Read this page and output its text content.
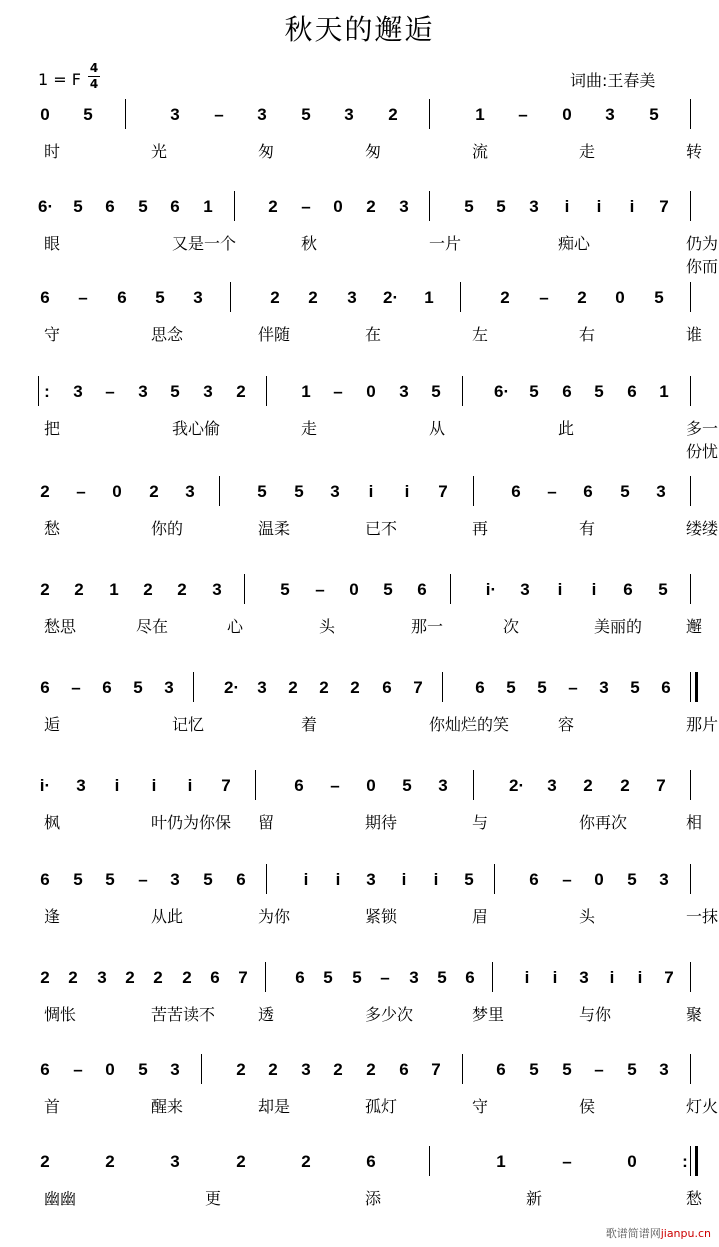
秋天的邂逅
1 = F
4
4	词曲:王春美
0 5	3 – 3 5 3 2	1 – 0 3 5
时	光	匆	匆	流	走	转
6· 5 6 5 6 1	2 – 0 2 3	5 5 3 i i i 7
眼	又是一个	秋	一片	痴心	仍为你而
6 – 6 5 3	2 2 3 2· 1	2 – 2 0 5
守	思念	伴随	在	左	右	谁
: 3 – 3 5 3 2	1 – 0 3 5	6· 5 6 5 6 1
把	我心偷	走	从	此	多一份忧
2 – 0 2 3	5 5 3 i i 7	6 – 6 5 3
愁	你的	温柔	已不	再	有	缕缕
2 2 1 2 2 3	5 – 0 5 6	i· 3 i i 6 5
愁思	尽在	心	头	那一	次	美丽的	邂
6 – 6 5 3	2· 3 2 2 2 6 7	6 5 5 – 3 5 6
逅	记忆	着	你灿烂的笑	容	那片
i· 3 i i i 7	6 – 0 5 3	2· 3 2 2 7
枫	叶仍为你保 留	期待	与	你再次	相
6 5 5 – 3 5 6	i i 3 i i 5	6 – 0 5 3
逢	从此	为你	紧锁	眉	头	一抹
2 2 3 2 2 2 6 7	6 5 5 – 3 5 6	i i 3 i i 7
惆怅	苦苦读不	透	多少次	梦里	与你	聚
6 – 0 5 3	2 2 3 2 2 6 7	6 5 5 – 5 3
首	醒来	却是	孤灯	守	侯	灯火
2	2	3	2	2	6	1	–	0	:
幽幽	更	添	新	愁
歌谱简谱网jianpu.cn
